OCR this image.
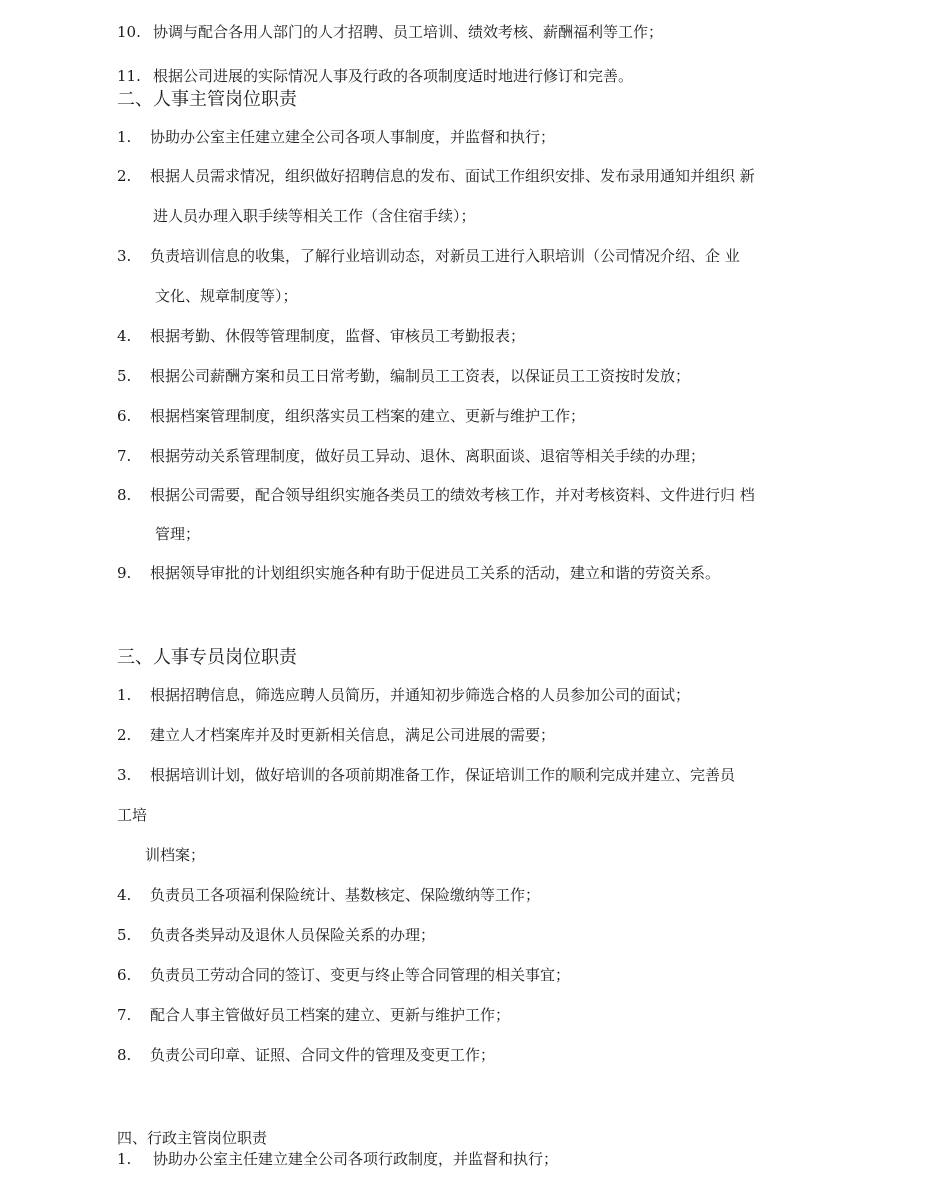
10. 协调与配合各用人部门的人才招聘、员工培训、绩效考核、薪酬福利等工作；
11. 根据公司进展的实际情况人事及行政的各项制度适时地进行修订和完善。
二、人事主管岗位职责
1. 协助办公室主任建立建全公司各项人事制度，并监督和执行；
2. 根据人员需求情况，组织做好招聘信息的发布、面试工作组织安排、发布录用通知并组织 新
进人员办理入职手续等相关工作（含住宿手续）；
3. 负责培训信息的收集，了解行业培训动态，对新员工进行入职培训（公司情况介绍、企 业
文化、规章制度等）；
4. 根据考勤、休假等管理制度，监督、审核员工考勤报表；
5. 根据公司薪酬方案和员工日常考勤，编制员工工资表，以保证员工工资按时发放；
6. 根据档案管理制度，组织落实员工档案的建立、更新与维护工作；
7. 根据劳动关系管理制度，做好员工异动、退休、离职面谈、退宿等相关手续的办理；
8. 根据公司需要，配合领导组织实施各类员工的绩效考核工作，并对考核资料、文件进行归 档
管理；
9. 根据领导审批的计划组织实施各种有助于促进员工关系的活动，建立和谐的劳资关系。
三、人事专员岗位职责
1. 根据招聘信息，筛选应聘人员简历，并通知初步筛选合格的人员参加公司的面试；
2. 建立人才档案库并及时更新相关信息，满足公司进展的需要；
3. 根据培训计划，做好培训的各项前期准备工作，保证培训工作的顺利完成并建立、完善员
工培
训档案；
4. 负责员工各项福利保险统计、基数核定、保险缴纳等工作；
5. 负责各类异动及退休人员保险关系的办理；
6. 负责员工劳动合同的签订、变更与终止等合同管理的相关事宜；
7. 配合人事主管做好员工档案的建立、更新与维护工作；
8. 负责公司印章、证照、合同文件的管理及变更工作；
四、行政主管岗位职责
1. 协助办公室主任建立建全公司各项行政制度，并监督和执行；
